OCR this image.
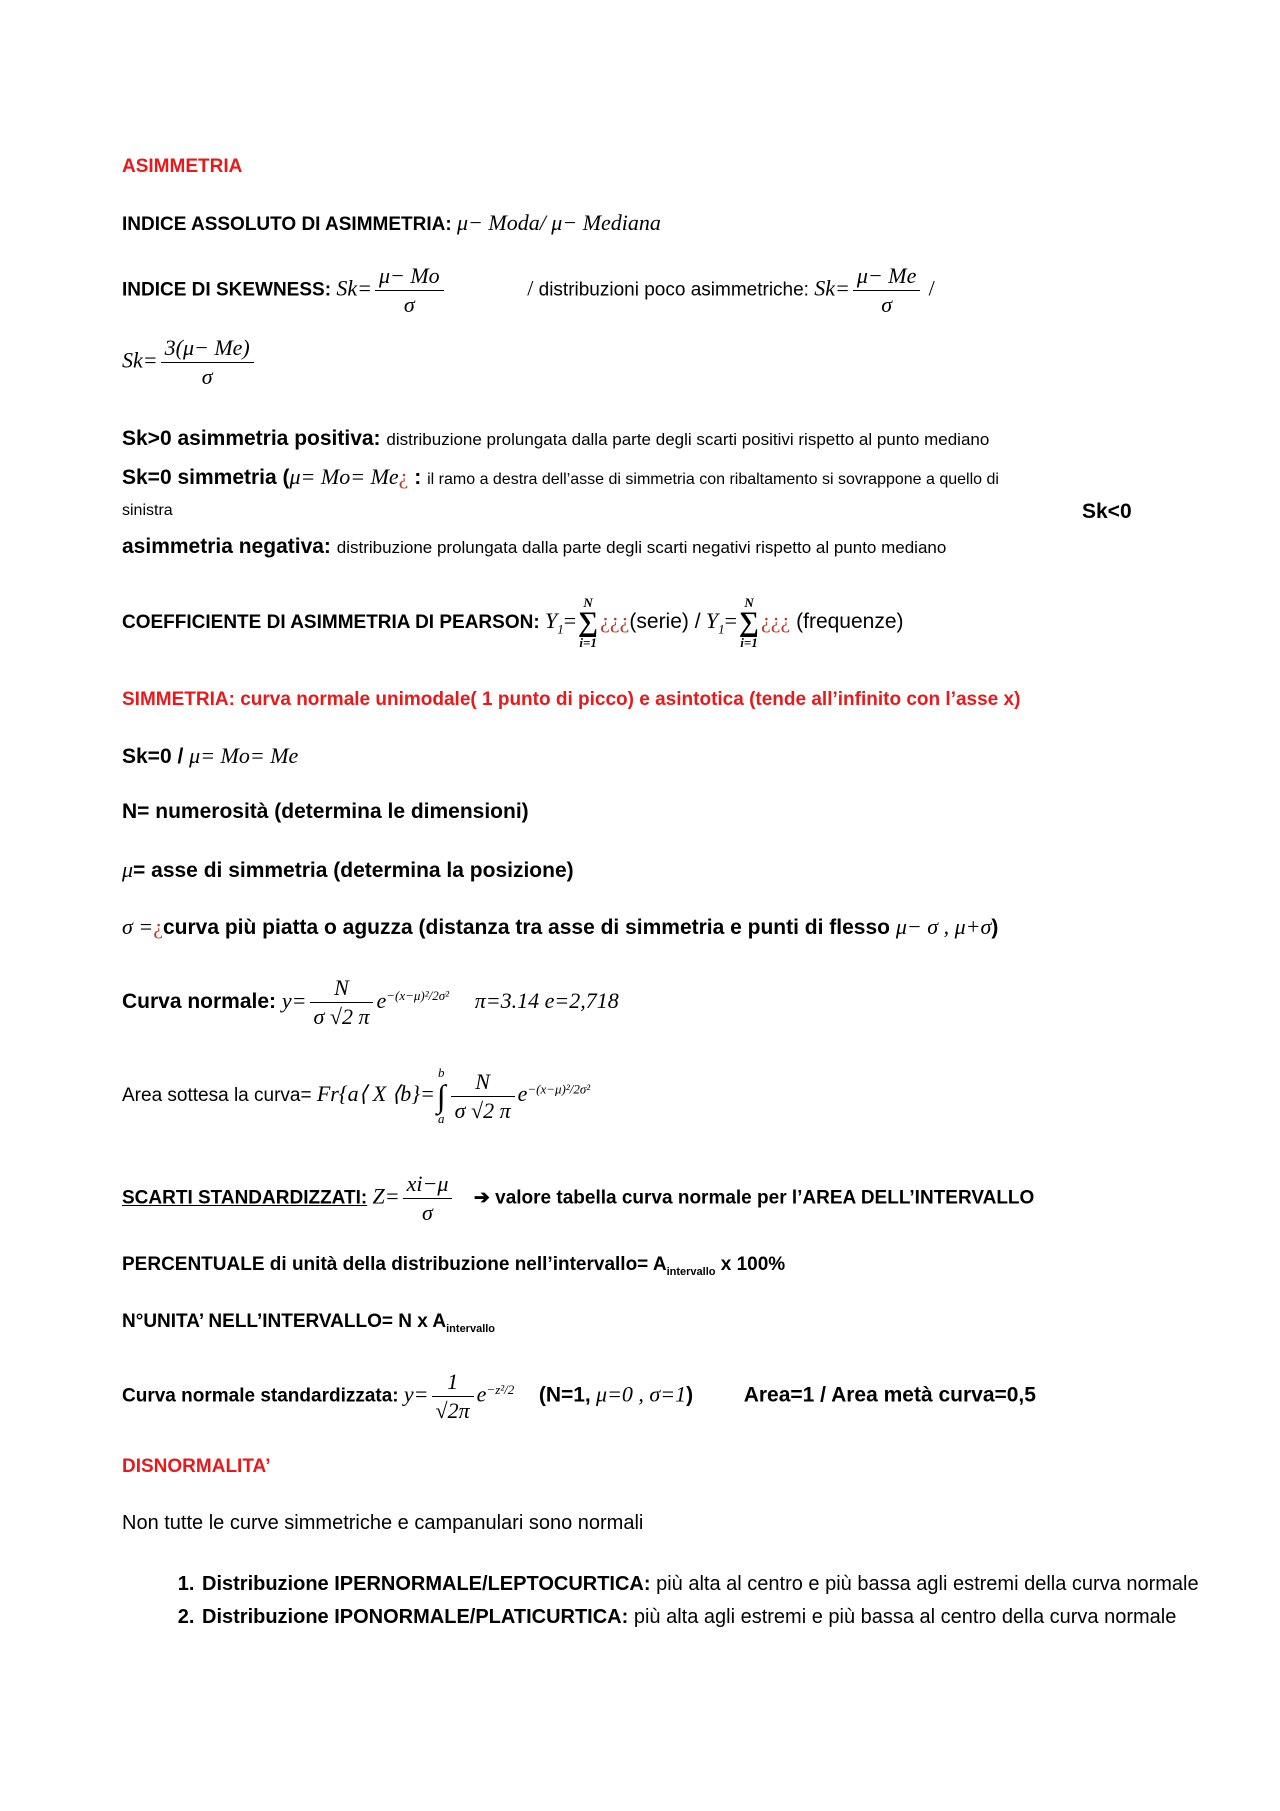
ASIMMETRIA
INDICE ASSOLUTO DI ASIMMETRIA: μ− Moda/ μ− Mediana
INDICE DI SKEWNESS: $Sk= \frac{\mu- Mo}{\sigma}$	/ distribuzioni poco asimmetriche: $Sk= \frac{\mu- Me}{\sigma}$ /
$Sk= \frac{3(\mu- Me)}{\sigma}$
Sk>0 asimmetria positiva: distribuzione prolungata dalla parte degli scarti positivi rispetto al punto mediano
Sk=0 simmetria (μ= Mo= Me¿ : il ramo a destra dell’asse di simmetria con ribaltamento si sovrappone a quello di
sinistra	Sk<0
asimmetria negativa: distribuzione prolungata dalla parte degli scarti negativi rispetto al punto mediano
COEFFICIENTE DI ASIMMETRIA DI PEARSON: $Y_1=$
N
∑
i=1
¿¿¿(serie) / $Y_1=$
N
∑
i=1
¿¿¿ (frequenze)
SIMMETRIA: curva normale unimodale( 1 punto di picco) e asintotica (tende all’infinito con l’asse x)
Sk=0 / μ= Mo= Me
N= numerosità (determina le dimensioni)
μ= asse di simmetria (determina la posizione)
σ =¿curva più piatta o aguzza (distanza tra asse di simmetria e punti di flesso μ− σ , μ+σ)
Curva normale: $y= \frac{N}{\sigma √2 \pi} e^{-(x-\mu)^2/2\sigma^2}$ π=3.14 e=2,718
Area sottesa la curva= Fr{a⟨ X ⟨b}=
b
∫
a $\frac{N}{\sigma √2 \pi} e^{-(x-\mu)^2/2\sigma^2}$
SCARTI STANDARDIZZATI: $Z= \frac{xi-\mu}{\sigma}$ ➔ valore tabella curva normale per l’AREA DELL’INTERVALLO
PERCENTUALE di unità della distribuzione nell’intervallo= $A_{intervallo}$ x 100%
N°UNITA’ NELL’INTERVALLO= N x $A_{intervallo}$
Curva normale standardizzata: $y= \frac{1}{√2\pi} e^{-z^2/2}$ (N=1, μ=0 , σ=1) Area=1 / Area metà curva=0,5
DISNORMALITA’
Non tutte le curve simmetriche e campanulari sono normali
1. Distribuzione IPERNORMALE/LEPTOCURTICA: più alta al centro e più bassa agli estremi della curva normale
2. Distribuzione IPONORMALE/PLATICURTICA: più alta agli estremi e più bassa al centro della curva normale
